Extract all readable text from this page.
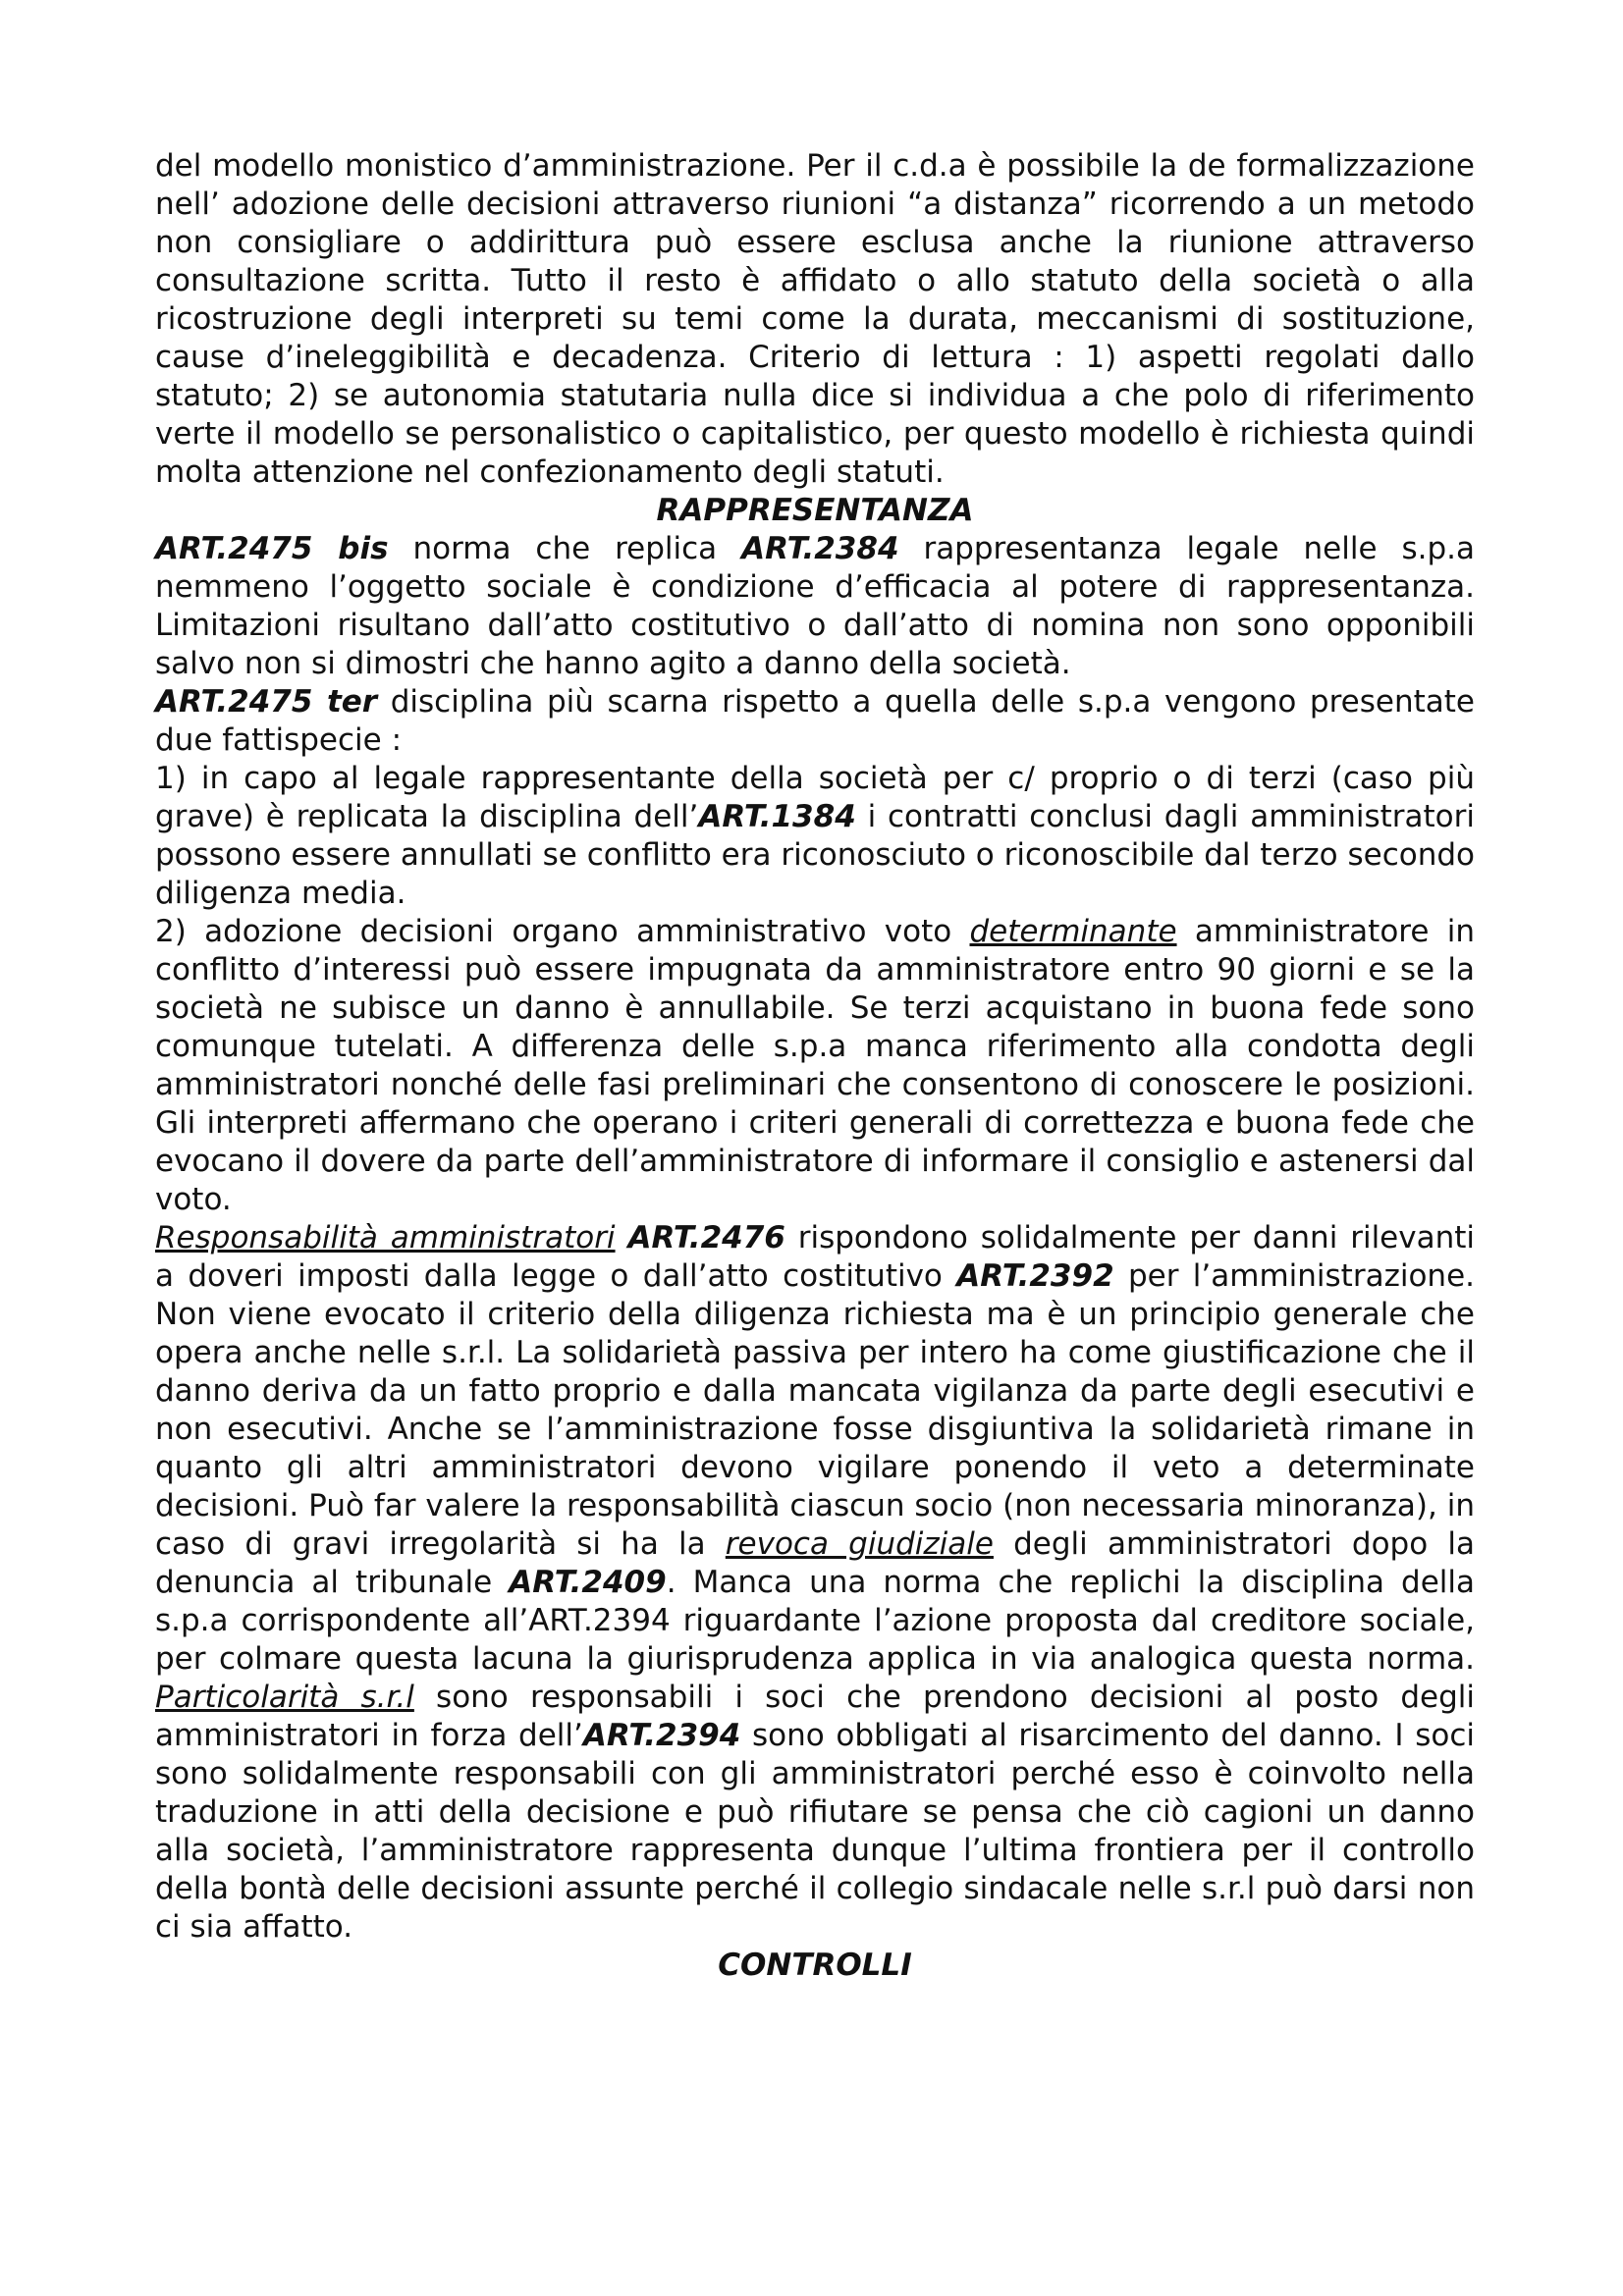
del modello monistico d’amministrazione. Per il c.d.a è possibile la de formalizzazione nell’ adozione delle decisioni attraverso riunioni “a distanza” ricorrendo a un metodo non consigliare o addirittura può essere esclusa anche la riunione attraverso consultazione scritta. Tutto il resto è affidato o allo statuto della società o alla ricostruzione degli interpreti su temi come la durata, meccanismi di sostituzione, cause d’ineleggibilità e decadenza. Criterio di lettura : 1) aspetti regolati dallo statuto; 2) se autonomia statutaria nulla dice si individua a che polo di riferimento verte il modello se personalistico o capitalistico, per questo modello è richiesta quindi molta attenzione nel confezionamento degli statuti.

RAPPRESENTANZA

ART.2475 bis norma che replica ART.2384 rappresentanza legale nelle s.p.a nemmeno l’oggetto sociale è condizione d’efficacia al potere di rappresentanza. Limitazioni risultano dall’atto costitutivo o dall’atto di nomina non sono opponibili salvo non si dimostri che hanno agito a danno della società.

ART.2475 ter disciplina più scarna rispetto a quella delle s.p.a vengono presentate due fattispecie :

1) in capo al legale rappresentante della società per c/ proprio o di terzi (caso più grave) è replicata la disciplina dell’ART.1384 i contratti conclusi dagli amministratori possono essere annullati se conflitto era riconosciuto o riconoscibile dal terzo secondo diligenza media.

2) adozione decisioni organo amministrativo voto determinante amministratore in conflitto d’interessi può essere impugnata da amministratore entro 90 giorni e se la società ne subisce un danno è annullabile. Se terzi acquistano in buona fede sono comunque tutelati. A differenza delle s.p.a manca riferimento alla condotta degli amministratori nonché delle fasi preliminari che consentono di conoscere le posizioni. Gli interpreti affermano che operano i criteri generali di correttezza e buona fede che evocano il dovere da parte dell’amministratore di informare il consiglio e astenersi dal voto.

Responsabilità amministratori ART.2476 rispondono solidalmente per danni rilevanti a doveri imposti dalla legge o dall’atto costitutivo ART.2392 per l’amministrazione. Non viene evocato il criterio della diligenza richiesta ma è un principio generale che opera anche nelle s.r.l. La solidarietà passiva per intero ha come giustificazione che il danno deriva da un fatto proprio e dalla mancata vigilanza da parte degli esecutivi e non esecutivi. Anche se l’amministrazione fosse disgiuntiva la solidarietà rimane in quanto gli altri amministratori devono vigilare ponendo il veto a determinate decisioni. Può far valere la responsabilità ciascun socio (non necessaria minoranza), in caso di gravi irregolarità si ha la revoca giudiziale degli amministratori dopo la denuncia al tribunale ART.2409. Manca una norma che replichi la disciplina della s.p.a corrispondente all’ART.2394 riguardante l’azione proposta dal creditore sociale, per colmare questa lacuna la giurisprudenza applica in via analogica questa norma. Particolarità s.r.l sono responsabili i soci che prendono decisioni al posto degli amministratori in forza dell’ART.2394 sono obbligati al risarcimento del danno. I soci sono solidalmente responsabili con gli amministratori perché esso è coinvolto nella traduzione in atti della decisione e può rifiutare se pensa che ciò cagioni un danno alla società, l’amministratore rappresenta dunque l’ultima frontiera per il controllo della bontà delle decisioni assunte perché il collegio sindacale nelle s.r.l può darsi non ci sia affatto.

CONTROLLI
